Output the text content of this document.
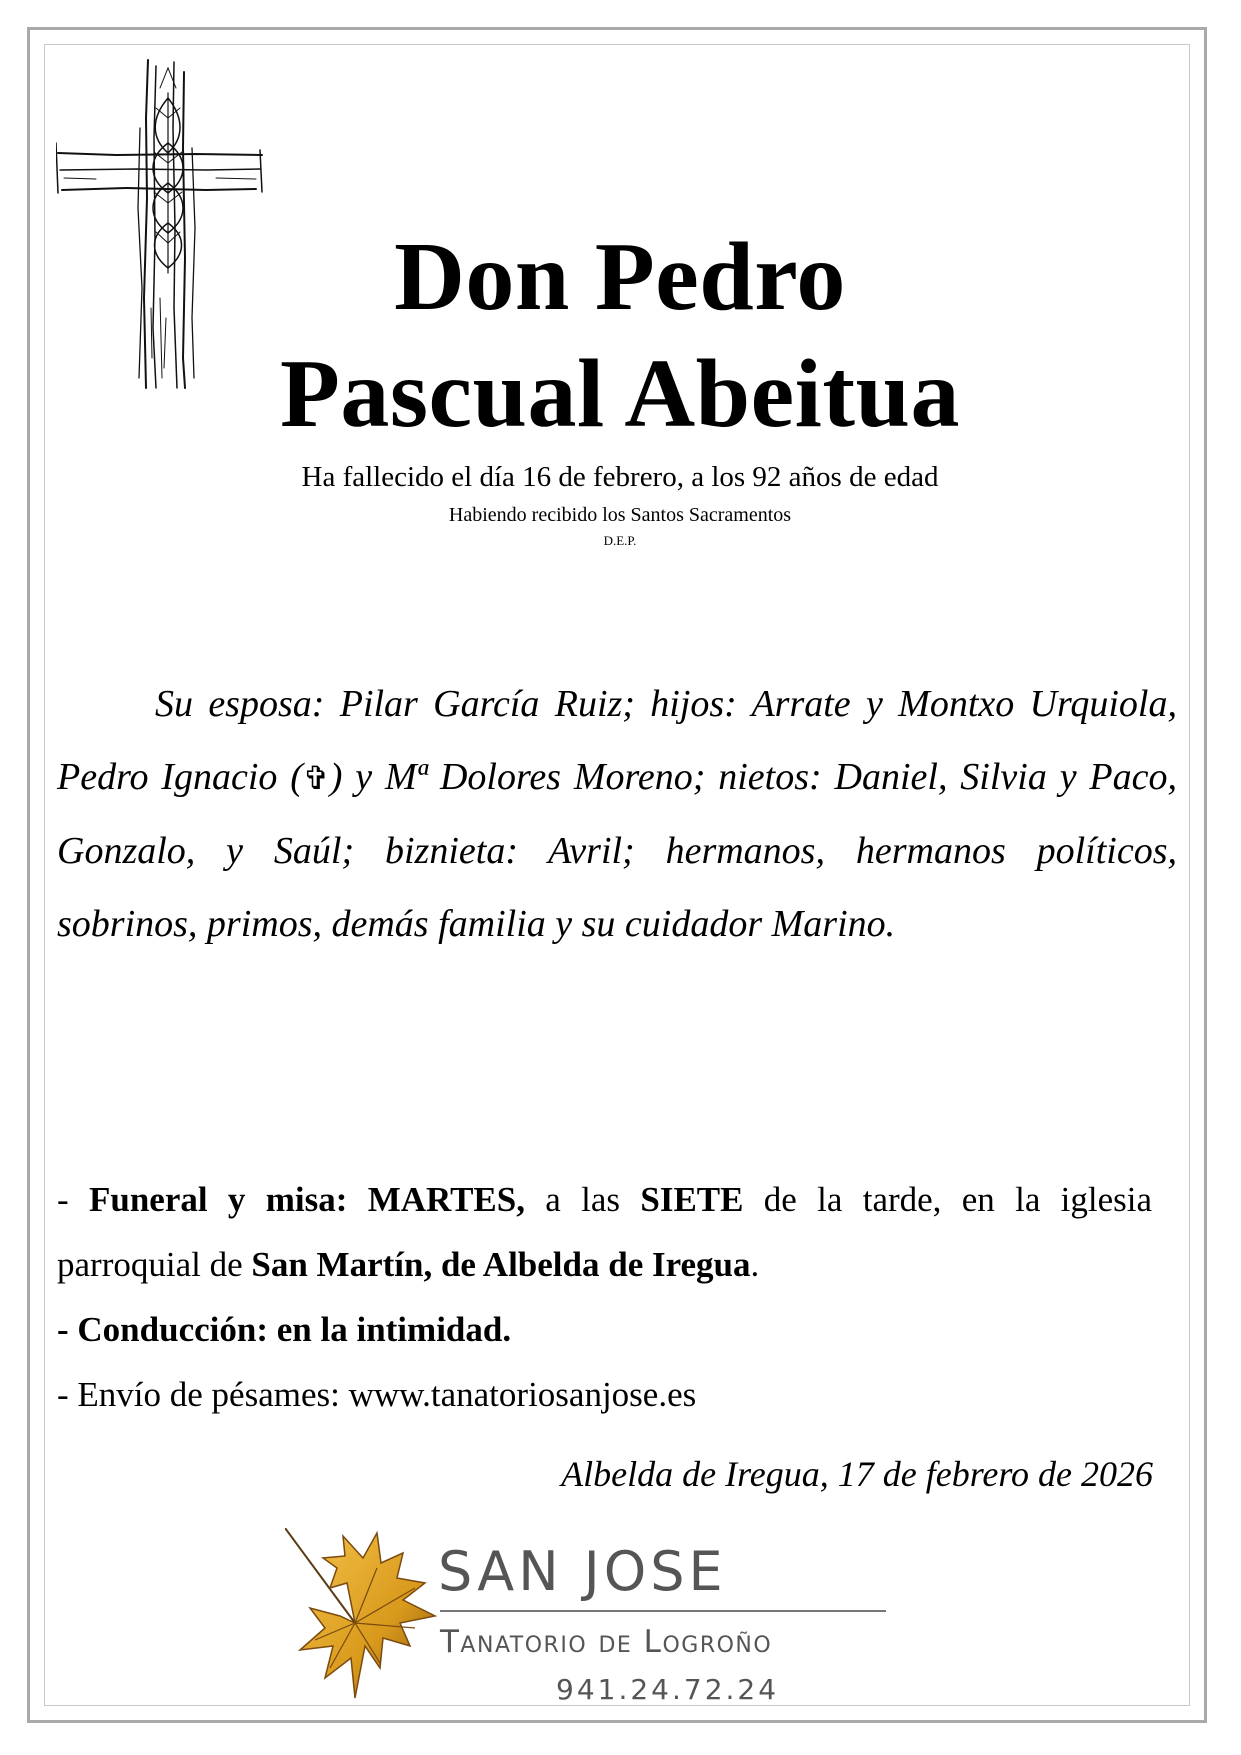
Don Pedro
Pascual Abeitua
Ha fallecido el día 16 de febrero, a los 92 años de edad
Habiendo recibido los Santos Sacramentos
D.E.P.

Su esposa: Pilar García Ruiz; hijos: Arrate y Montxo Urquiola, Pedro Ignacio (✞) y Mª Dolores Moreno; nietos: Daniel, Silvia y Paco, Gonzalo, y Saúl; biznieta: Avril; hermanos, hermanos políticos, sobrinos, primos, demás familia y su cuidador Marino.

- Funeral y misa: MARTES, a las SIETE de la tarde, en la iglesia
parroquial de San Martín, de Albelda de Iregua.
- Conducción: en la intimidad.
- Envío de pésames: www.tanatoriosanjose.es
Albelda de Iregua, 17 de febrero de 2026
SAN JOSE
Tanatorio de Logroño
941.24.72.24
